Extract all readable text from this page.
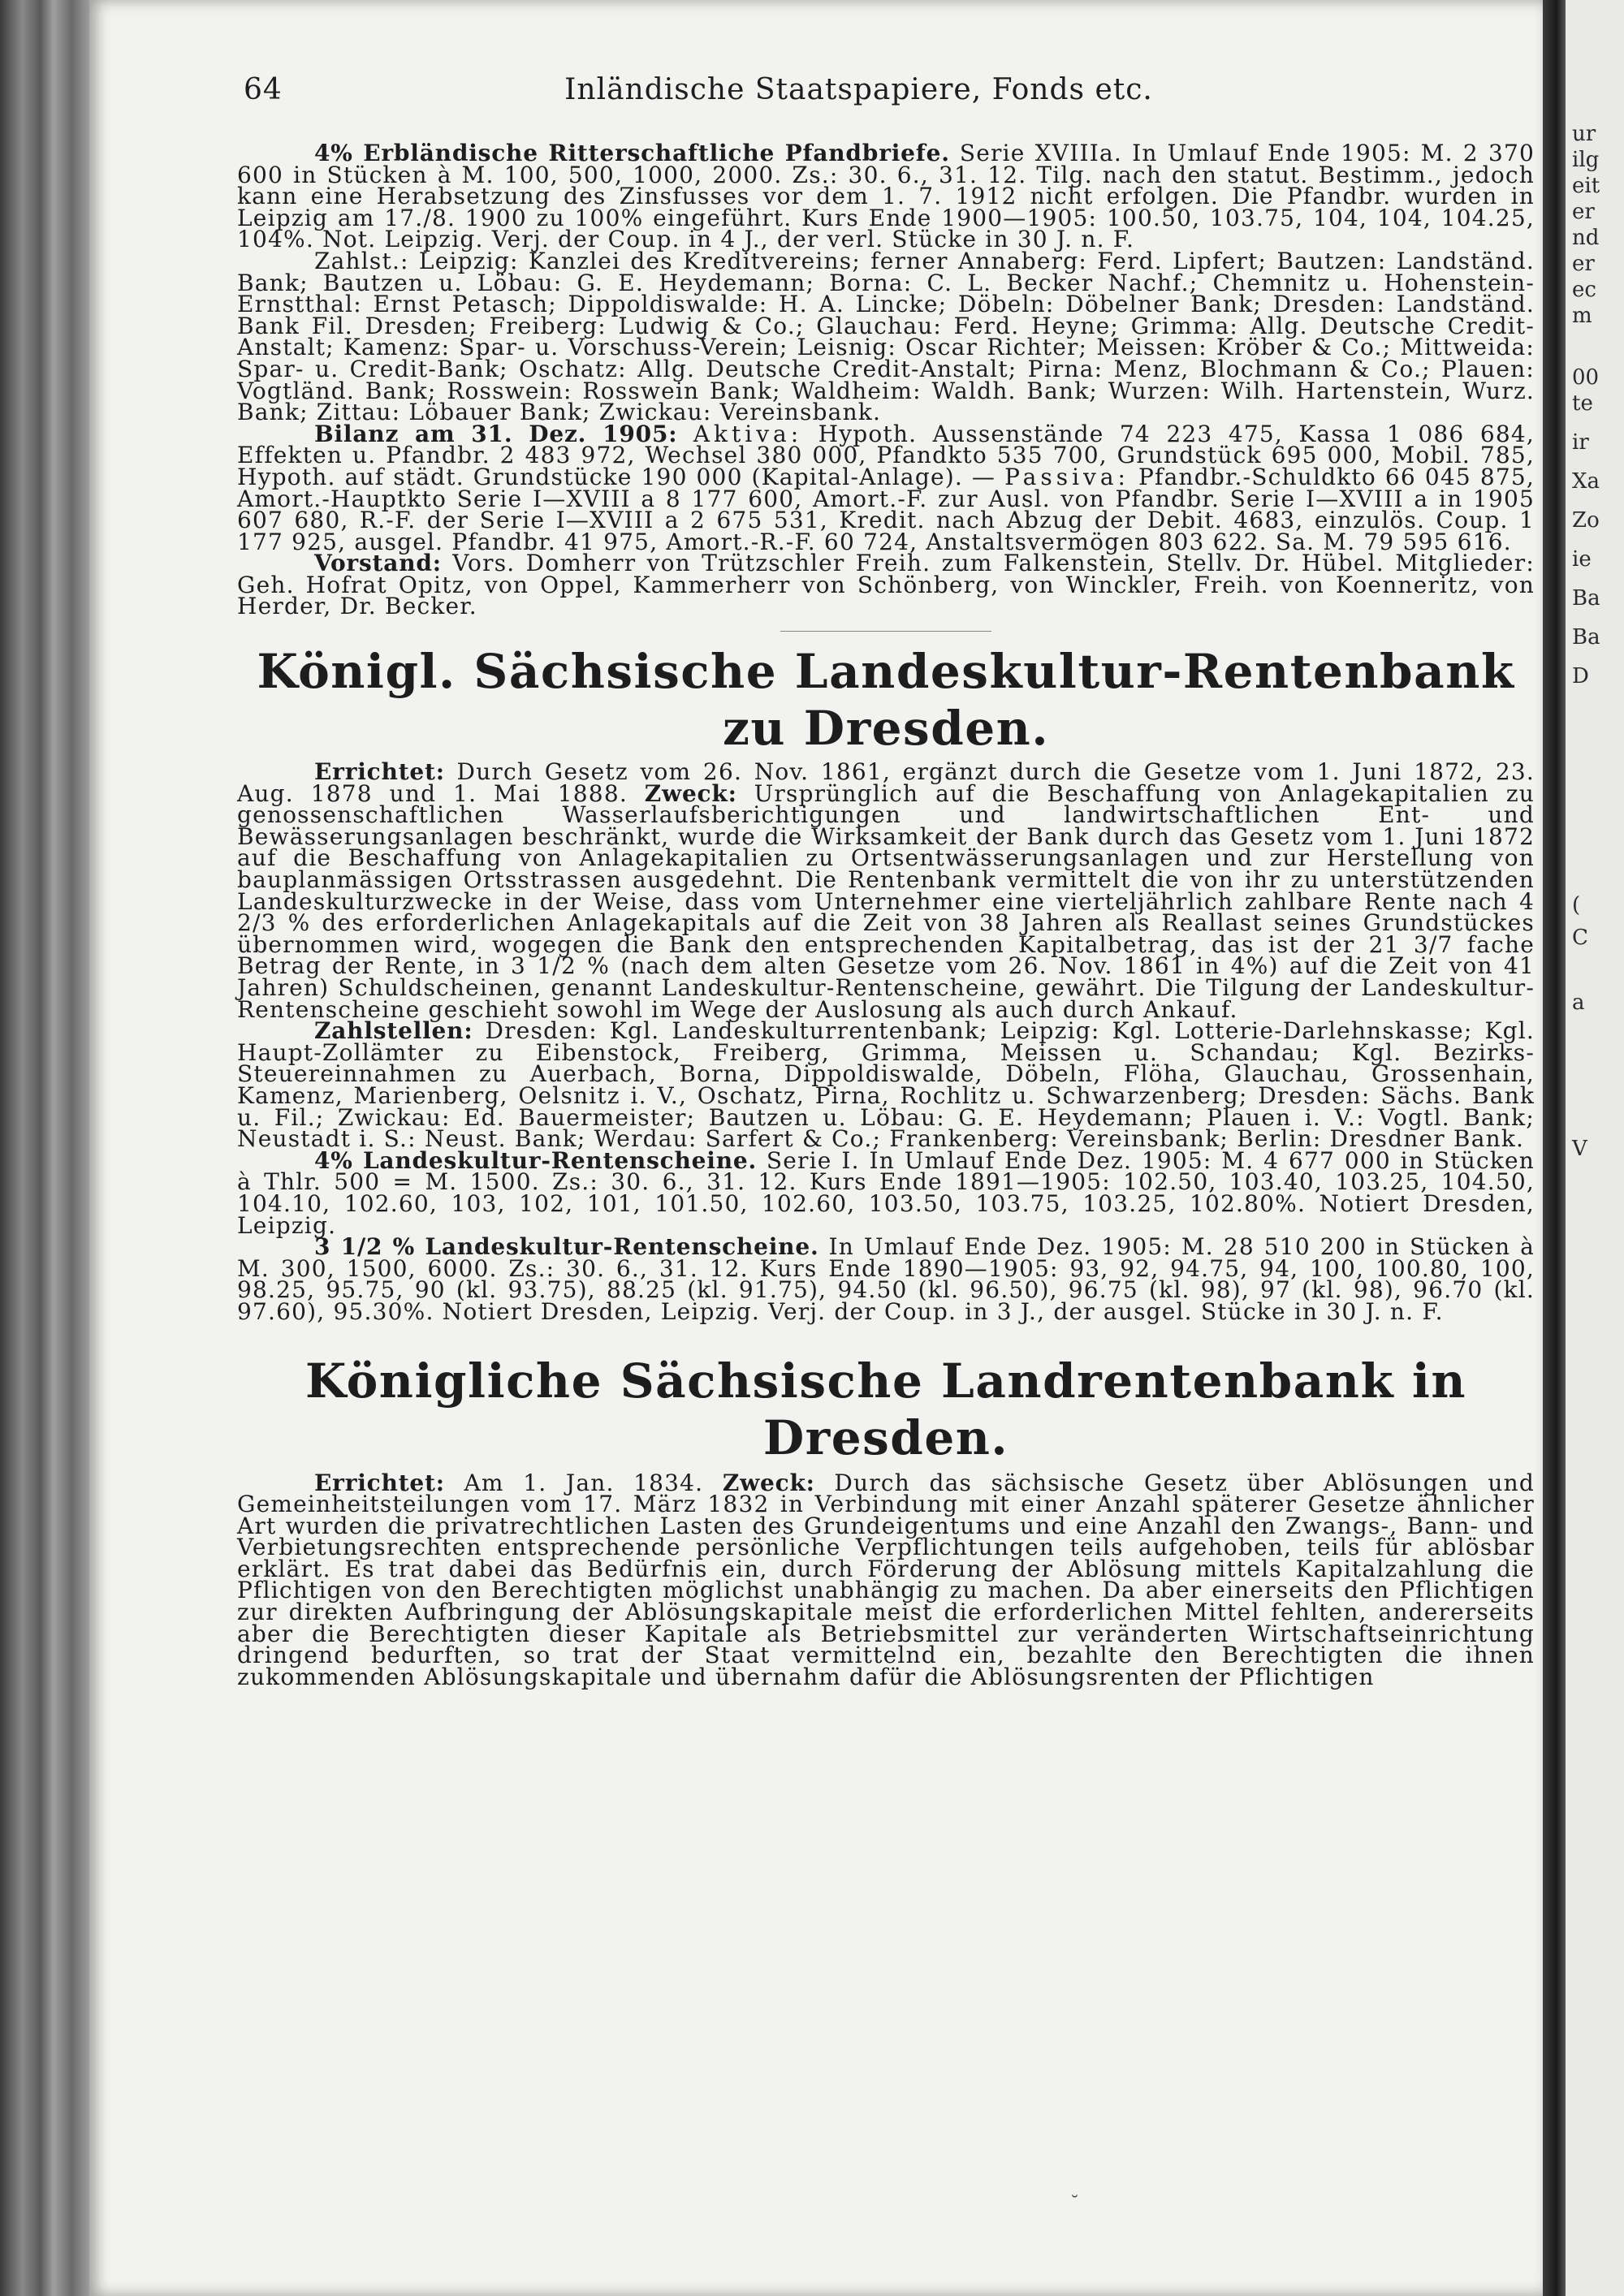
ur
ilg
eit
er
nd
er
ec
m
00
te
ir
Xa
Zo
ie
Ba
Ba
D
(
C
a
V
64	Inländische Staatspapiere, Fonds etc.

4% Erbländische Ritterschaftliche Pfandbriefe. Serie XVIIIa. In Umlauf Ende 1905: M. 2 370 600 in Stücken à M. 100, 500, 1000, 2000. Zs.: 30. 6., 31. 12. Tilg. nach den statut. Bestimm., jedoch kann eine Herabsetzung des Zinsfusses vor dem 1. 7. 1912 nicht erfolgen. Die Pfandbr. wurden in Leipzig am 17./8. 1900 zu 100% eingeführt. Kurs Ende 1900—1905: 100.50, 103.75, 104, 104, 104.25, 104%. Not. Leipzig. Verj. der Coup. in 4 J., der verl. Stücke in 30 J. n. F.

Zahlst.: Leipzig: Kanzlei des Kreditvereins; ferner Annaberg: Ferd. Lipfert; Bautzen: Landständ. Bank; Bautzen u. Löbau: G. E. Heydemann; Borna: C. L. Becker Nachf.; Chemnitz u. Hohenstein-Ernstthal: Ernst Petasch; Dippoldiswalde: H. A. Lincke; Döbeln: Döbelner Bank; Dresden: Landständ. Bank Fil. Dresden; Freiberg: Ludwig & Co.; Glauchau: Ferd. Heyne; Grimma: Allg. Deutsche Credit-Anstalt; Kamenz: Spar- u. Vorschuss-Verein; Leisnig: Oscar Richter; Meissen: Kröber & Co.; Mittweida: Spar- u. Credit-Bank; Oschatz: Allg. Deutsche Credit-Anstalt; Pirna: Menz, Blochmann & Co.; Plauen: Vogtländ. Bank; Rosswein: Rosswein Bank; Waldheim: Waldh. Bank; Wurzen: Wilh. Hartenstein, Wurz. Bank; Zittau: Löbauer Bank; Zwickau: Vereinsbank.

Bilanz am 31. Dez. 1905: Aktiva: Hypoth. Aussenstände 74 223 475, Kassa 1 086 684, Effekten u. Pfandbr. 2 483 972, Wechsel 380 000, Pfandkto 535 700, Grundstück 695 000, Mobil. 785, Hypoth. auf städt. Grundstücke 190 000 (Kapital-Anlage). — Passiva: Pfandbr.-Schuldkto 66 045 875, Amort.-Hauptkto Serie I—XVIII a 8 177 600, Amort.-F. zur Ausl. von Pfandbr. Serie I—XVIII a in 1905 607 680, R.-F. der Serie I—XVIII a 2 675 531, Kredit. nach Abzug der Debit. 4683, einzulös. Coup. 1 177 925, ausgel. Pfandbr. 41 975, Amort.-R.-F. 60 724, Anstaltsvermögen 803 622. Sa. M. 79 595 616.

Vorstand: Vors. Domherr von Trützschler Freih. zum Falkenstein, Stellv. Dr. Hübel. Mitglieder: Geh. Hofrat Opitz, von Oppel, Kammerherr von Schönberg, von Winckler, Freih. von Koenneritz, von Herder, Dr. Becker.

Königl. Sächsische Landeskultur-Rentenbank zu Dresden.

Errichtet: Durch Gesetz vom 26. Nov. 1861, ergänzt durch die Gesetze vom 1. Juni 1872, 23. Aug. 1878 und 1. Mai 1888. Zweck: Ursprünglich auf die Beschaffung von Anlagekapitalien zu genossenschaftlichen Wasserlaufsberichtigungen und landwirtschaftlichen Ent- und Bewässerungsanlagen beschränkt, wurde die Wirksamkeit der Bank durch das Gesetz vom 1. Juni 1872 auf die Beschaffung von Anlagekapitalien zu Ortsentwässerungsanlagen und zur Herstellung von bauplanmässigen Ortsstrassen ausgedehnt. Die Rentenbank vermittelt die von ihr zu unterstützenden Landeskulturzwecke in der Weise, dass vom Unternehmer eine vierteljährlich zahlbare Rente nach 4 2/3 % des erforderlichen Anlagekapitals auf die Zeit von 38 Jahren als Reallast seines Grundstückes übernommen wird, wogegen die Bank den entsprechenden Kapitalbetrag, das ist der 21 3/7 fache Betrag der Rente, in 3 1/2 % (nach dem alten Gesetze vom 26. Nov. 1861 in 4%) auf die Zeit von 41 Jahren) Schuldscheinen, genannt Landeskultur-Rentenscheine, gewährt. Die Tilgung der Landeskultur-Rentenscheine geschieht sowohl im Wege der Auslosung als auch durch Ankauf.

Zahlstellen: Dresden: Kgl. Landeskulturrentenbank; Leipzig: Kgl. Lotterie-Darlehnskasse; Kgl. Haupt-Zollämter zu Eibenstock, Freiberg, Grimma, Meissen u. Schandau; Kgl. Bezirks-Steuereinnahmen zu Auerbach, Borna, Dippoldiswalde, Döbeln, Flöha, Glauchau, Grossenhain, Kamenz, Marienberg, Oelsnitz i. V., Oschatz, Pirna, Rochlitz u. Schwarzenberg; Dresden: Sächs. Bank u. Fil.; Zwickau: Ed. Bauermeister; Bautzen u. Löbau: G. E. Heydemann; Plauen i. V.: Vogtl. Bank; Neustadt i. S.: Neust. Bank; Werdau: Sarfert & Co.; Frankenberg: Vereinsbank; Berlin: Dresdner Bank.

4% Landeskultur-Rentenscheine. Serie I. In Umlauf Ende Dez. 1905: M. 4 677 000 in Stücken à Thlr. 500 = M. 1500. Zs.: 30. 6., 31. 12. Kurs Ende 1891—1905: 102.50, 103.40, 103.25, 104.50, 104.10, 102.60, 103, 102, 101, 101.50, 102.60, 103.50, 103.75, 103.25, 102.80%. Notiert Dresden, Leipzig.

3 1/2 % Landeskultur-Rentenscheine. In Umlauf Ende Dez. 1905: M. 28 510 200 in Stücken à M. 300, 1500, 6000. Zs.: 30. 6., 31. 12. Kurs Ende 1890—1905: 93, 92, 94.75, 94, 100, 100.80, 100, 98.25, 95.75, 90 (kl. 93.75), 88.25 (kl. 91.75), 94.50 (kl. 96.50), 96.75 (kl. 98), 97 (kl. 98), 96.70 (kl. 97.60), 95.30%. Notiert Dresden, Leipzig. Verj. der Coup. in 3 J., der ausgel. Stücke in 30 J. n. F.

Königliche Sächsische Landrentenbank in Dresden.

Errichtet: Am 1. Jan. 1834. Zweck: Durch das sächsische Gesetz über Ablösungen und Gemeinheitsteilungen vom 17. März 1832 in Verbindung mit einer Anzahl späterer Gesetze ähnlicher Art wurden die privatrechtlichen Lasten des Grundeigentums und eine Anzahl den Zwangs-, Bann- und Verbietungsrechten entsprechende persönliche Verpflichtungen teils aufgehoben, teils für ablösbar erklärt. Es trat dabei das Bedürfnis ein, durch Förderung der Ablösung mittels Kapitalzahlung die Pflichtigen von den Berechtigten möglichst unabhängig zu machen. Da aber einerseits den Pflichtigen zur direkten Aufbringung der Ablösungskapitale meist die erforderlichen Mittel fehlten, andererseits aber die Berechtigten dieser Kapitale als Betriebsmittel zur veränderten Wirtschaftseinrichtung dringend bedurften, so trat der Staat vermittelnd ein, bezahlte den Berechtigten die ihnen zukommenden Ablösungskapitale und übernahm dafür die Ablösungsrenten der Pflichtigen

˘
